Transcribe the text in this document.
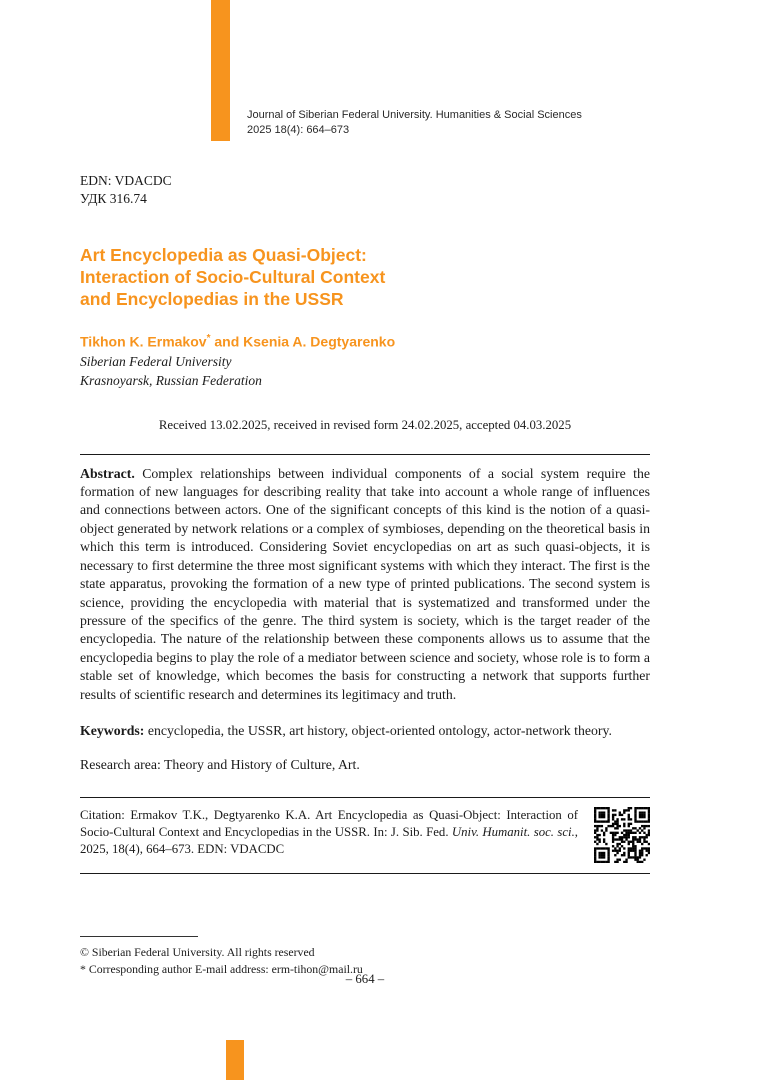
Journal of Siberian Federal University. Humanities & Social Sciences
2025 18(4): 664–673
EDN: VDACDC
УДК 316.74
Art Encyclopedia as Quasi-Object:
Interaction of Socio-Cultural Context
and Encyclopedias in the USSR
Tikhon K. Ermakov* and Ksenia A. Degtyarenko
Siberian Federal University
Krasnoyarsk, Russian Federation
Received 13.02.2025, received in revised form 24.02.2025, accepted 04.03.2025

Abstract. Complex relationships between individual components of a social system require the formation of new languages for describing reality that take into account a whole range of influences and connections between actors. One of the significant concepts of this kind is the notion of a quasi-object generated by network relations or a complex of symbioses, depending on the theoretical basis in which this term is introduced. Considering Soviet encyclopedias on art as such quasi-objects, it is necessary to first determine the three most significant systems with which they interact. The first is the state apparatus, provoking the formation of a new type of printed publications. The second system is science, providing the encyclopedia with material that is systematized and transformed under the pressure of the specifics of the genre. The third system is society, which is the target reader of the encyclopedia. The nature of the relationship between these components allows us to assume that the encyclopedia begins to play the role of a mediator between science and society, whose role is to form a stable set of knowledge, which becomes the basis for constructing a network that supports further results of scientific research and determines its legitimacy and truth.

Keywords: encyclopedia, the USSR, art history, object-oriented ontology, actor-network theory.

Research area: Theory and History of Culture, Art.

Citation: Ermakov T.K., Degtyarenko K.A. Art Encyclopedia as Quasi-Object: Interaction of Socio-Cultural Context and Encyclopedias in the USSR. In: J. Sib. Fed. Univ. Humanit. soc. sci., 2025, 18(4), 664–673. EDN: VDACDC

© Siberian Federal University. All rights reserved
* Corresponding author E-mail address: erm-tihon@mail.ru
– 664 –
